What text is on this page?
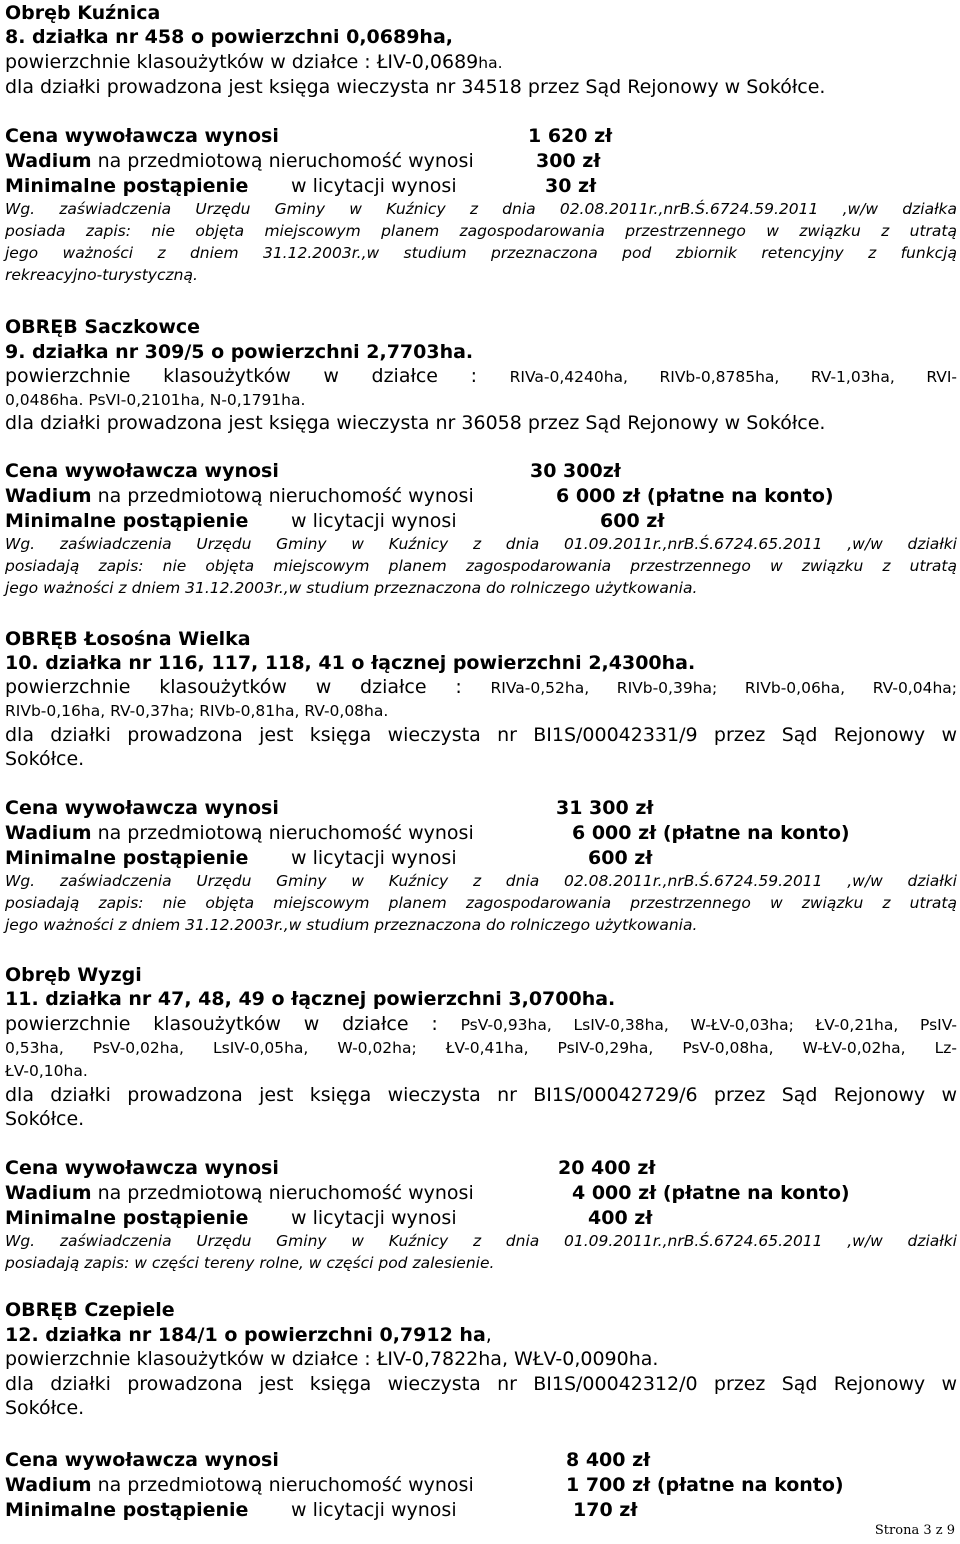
Obręb Kuźnica
8. działka nr 458 o powierzchni 0,0689ha,
powierzchnie klasoużytków w działce : ŁIV-0,0689ha.
dla działki prowadzona jest księga wieczysta nr 34518 przez Sąd Rejonowy w Sokółce.
Cena wywoławcza wynosi	1 620 zł
Wadium na przedmiotową nieruchomość wynosi	300 zł
Minimalne postąpienie w licytacji wynosi	30 zł
Wg. zaświadczenia Urzędu Gminy w Kuźnicy z dnia 02.08.2011r.,nrB.Ś.6724.59.2011 ,w/w działka
posiada zapis: nie objęta miejscowym planem zagospodarowania przestrzennego w związku z utratą
jego ważności z dniem 31.12.2003r.,w studium przeznaczona pod zbiornik retencyjny z funkcją
rekreacyjno-turystyczną.
OBRĘB Saczkowce
9. działka nr 309/5 o powierzchni 2,7703ha.
powierzchnie klasoużytków w działce : RIVa-0,4240ha, RIVb-0,8785ha, RV-1,03ha, RVI-
0,0486ha. PsVI-0,2101ha, N-0,1791ha.
dla działki prowadzona jest księga wieczysta nr 36058 przez Sąd Rejonowy w Sokółce.
Cena wywoławcza wynosi	30 300zł
Wadium na przedmiotową nieruchomość wynosi	6 000 zł (płatne na konto)
Minimalne postąpienie w licytacji wynosi	600 zł
Wg. zaświadczenia Urzędu Gminy w Kuźnicy z dnia 01.09.2011r.,nrB.Ś.6724.65.2011 ,w/w działki
posiadają zapis: nie objęta miejscowym planem zagospodarowania przestrzennego w związku z utratą
jego ważności z dniem 31.12.2003r.,w studium przeznaczona do rolniczego użytkowania.
OBRĘB Łosośna Wielka
10. działka nr 116, 117, 118, 41 o łącznej powierzchni 2,4300ha.
powierzchnie klasoużytków w działce : RIVa-0,52ha, RIVb-0,39ha; RIVb-0,06ha, RV-0,04ha;
RIVb-0,16ha, RV-0,37ha; RIVb-0,81ha, RV-0,08ha.
dla działki prowadzona jest księga wieczysta nr BI1S/00042331/9 przez Sąd Rejonowy w
Sokółce.
Cena wywoławcza wynosi	31 300 zł
Wadium na przedmiotową nieruchomość wynosi	6 000 zł (płatne na konto)
Minimalne postąpienie w licytacji wynosi	600 zł
Wg. zaświadczenia Urzędu Gminy w Kuźnicy z dnia 02.08.2011r.,nrB.Ś.6724.59.2011 ,w/w działki
posiadają zapis: nie objęta miejscowym planem zagospodarowania przestrzennego w związku z utratą
jego ważności z dniem 31.12.2003r.,w studium przeznaczona do rolniczego użytkowania.
Obręb Wyzgi
11. działka nr 47, 48, 49 o łącznej powierzchni 3,0700ha.
powierzchnie klasoużytków w działce : PsV-0,93ha, LsIV-0,38ha, W-ŁV-0,03ha; ŁV-0,21ha, PsIV-
0,53ha, PsV-0,02ha, LsIV-0,05ha, W-0,02ha; ŁV-0,41ha, PsIV-0,29ha, PsV-0,08ha, W-ŁV-0,02ha, Lz-
ŁV-0,10ha.
dla działki prowadzona jest księga wieczysta nr BI1S/00042729/6 przez Sąd Rejonowy w
Sokółce.
Cena wywoławcza wynosi	20 400 zł
Wadium na przedmiotową nieruchomość wynosi	4 000 zł (płatne na konto)
Minimalne postąpienie w licytacji wynosi	400 zł
Wg. zaświadczenia Urzędu Gminy w Kuźnicy z dnia 01.09.2011r.,nrB.Ś.6724.65.2011 ,w/w działki
posiadają zapis: w części tereny rolne, w części pod zalesienie.
OBRĘB Czepiele
12. działka nr 184/1 o powierzchni 0,7912 ha,
powierzchnie klasoużytków w działce : ŁIV-0,7822ha, WŁV-0,0090ha.
dla działki prowadzona jest księga wieczysta nr BI1S/00042312/0 przez Sąd Rejonowy w
Sokółce.
Cena wywoławcza wynosi	8 400 zł
Wadium na przedmiotową nieruchomość wynosi	1 700 zł (płatne na konto)
Minimalne postąpienie w licytacji wynosi	170 zł
Strona 3 z 9
